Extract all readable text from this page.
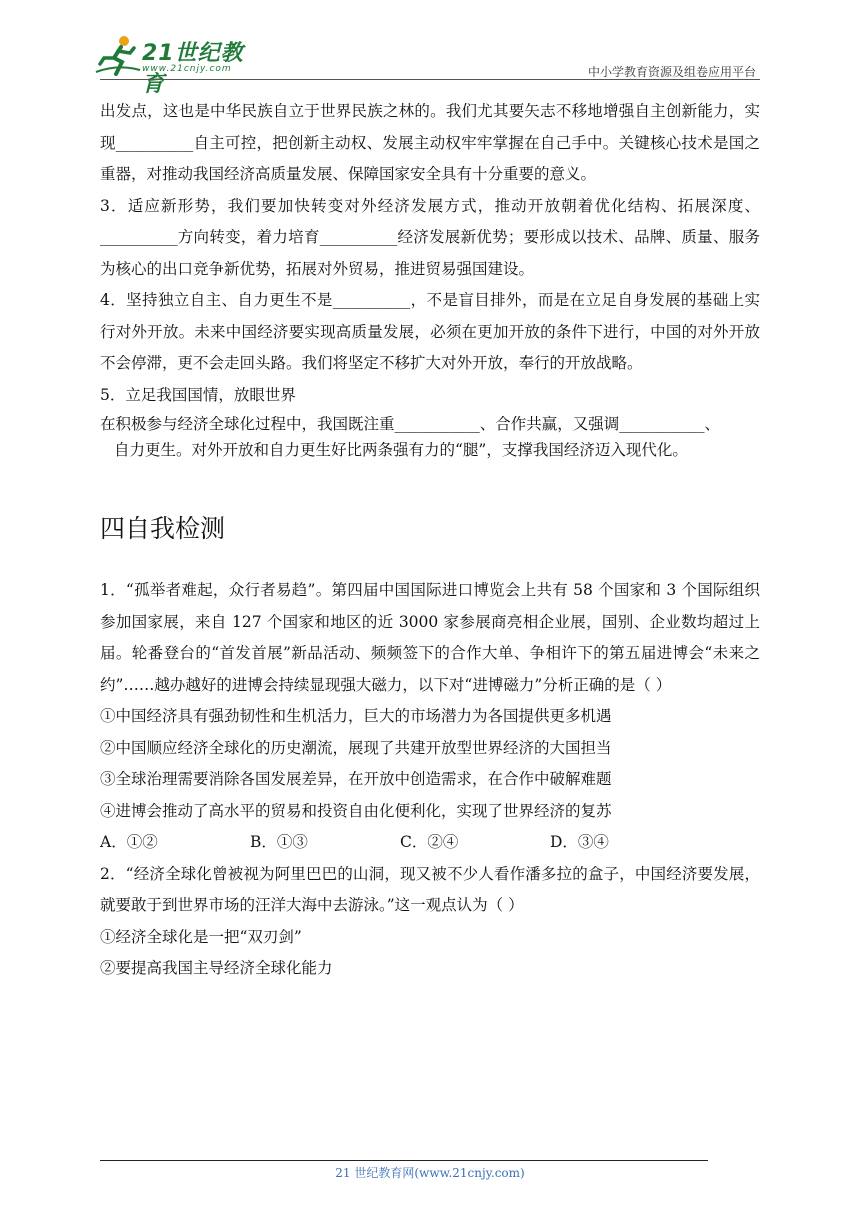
21世纪教育
www.21cnjy.com	中小学教育资源及组卷应用平台

出发点，这也是中华民族自立于世界民族之林的。我们尤其要矢志不移地增强自主创新能力，实现__________自主可控，把创新主动权、发展主动权牢牢掌握在自己手中。关键核心技术是国之重器，对推动我国经济高质量发展、保障国家安全具有十分重要的意义。

3．适应新形势，我们要加快转变对外经济发展方式，推动开放朝着优化结构、拓展深度、__________方向转变，着力培育__________经济发展新优势；要形成以技术、品牌、质量、服务为核心的出口竞争新优势，拓展对外贸易，推进贸易强国建设。

4．坚持独立自主、自力更生不是__________，不是盲目排外，而是在立足自身发展的基础上实行对外开放。未来中国经济要实现高质量发展，必须在更加开放的条件下进行，中国的对外开放不会停滞，更不会走回头路。我们将坚定不移扩大对外开放，奉行的开放战略。

5．立足我国国情，放眼世界

在积极参与经济全球化过程中，我国既注重___________、合作共赢，又强调___________、

自力更生。对外开放和自力更生好比两条强有力的“腿”，支撑我国经济迈入现代化。

四自我检测

1．“孤举者难起，众行者易趋”。第四届中国国际进口博览会上共有 58 个国家和 3 个国际组织参加国家展，来自 127 个国家和地区的近 3000 家参展商亮相企业展，国别、企业数均超过上届。轮番登台的“首发首展”新品活动、频频签下的合作大单、争相许下的第五届进博会“未来之约”……越办越好的进博会持续显现强大磁力，以下对“进博磁力”分析正确的是（ ）

①中国经济具有强劲韧性和生机活力，巨大的市场潜力为各国提供更多机遇

②中国顺应经济全球化的历史潮流，展现了共建开放型世界经济的大国担当

③全球治理需要消除各国发展差异，在开放中创造需求，在合作中破解难题

④进博会推动了高水平的贸易和投资自由化便利化，实现了世界经济的复苏

A．①②	B．①③	C．②④	D．③④

2．“经济全球化曾被视为阿里巴巴的山洞，现又被不少人看作潘多拉的盒子，中国经济要发展，就要敢于到世界市场的汪洋大海中去游泳。”这一观点认为（ ）

①经济全球化是一把“双刃剑”

②要提高我国主导经济全球化能力

21 世纪教育网(www.21cnjy.com)
